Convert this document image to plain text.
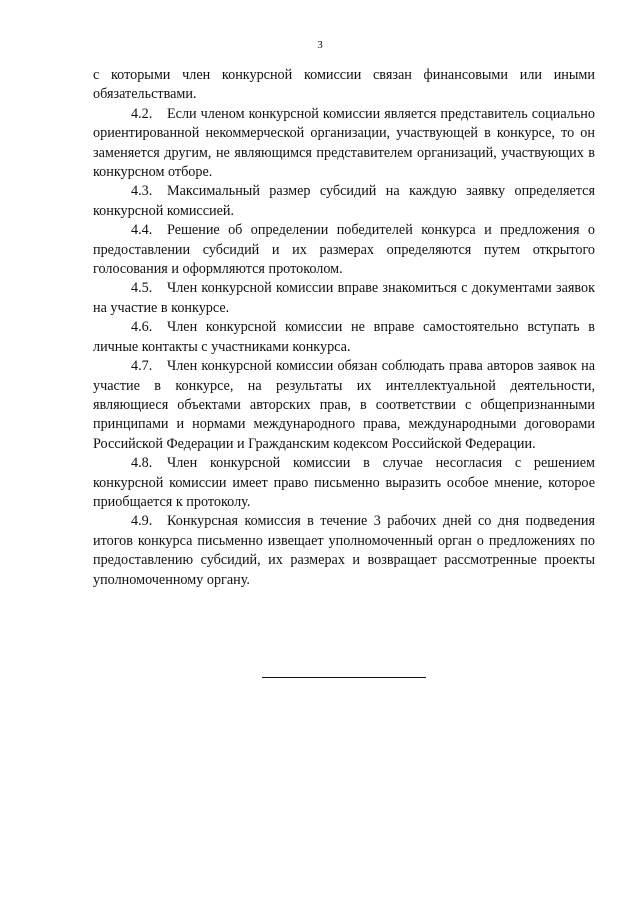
3

с которыми член конкурсной комиссии связан финансовыми или иными обязательствами.

4.2. Если членом конкурсной комиссии является представитель социально ориентированной некоммерческой организации, участвующей в конкурсе, то он заменяется другим, не являющимся представителем организаций, участвующих в конкурсном отборе.

4.3. Максимальный размер субсидий на каждую заявку определяется конкурсной комиссией.

4.4. Решение об определении победителей конкурса и предложения о предоставлении субсидий и их размерах определяются путем открытого голосования и оформляются протоколом.

4.5. Член конкурсной комиссии вправе знакомиться с документами заявок на участие в конкурсе.

4.6. Член конкурсной комиссии не вправе самостоятельно вступать в личные контакты с участниками конкурса.

4.7. Член конкурсной комиссии обязан соблюдать права авторов заявок на участие в конкурсе, на результаты их интеллектуальной деятельности, являющиеся объектами авторских прав, в соответствии с общепризнанными принципами и нормами международного права, международными договорами Российской Федерации и Гражданским кодексом Российской Федерации.

4.8. Член конкурсной комиссии в случае несогласия с решением конкурсной комиссии имеет право письменно выразить особое мнение, которое приобщается к протоколу.

4.9. Конкурсная комиссия в течение 3 рабочих дней со дня подведения итогов конкурса письменно извещает уполномоченный орган о предложениях по предоставлению субсидий, их размерах и возвращает рассмотренные проекты уполномоченному органу.
